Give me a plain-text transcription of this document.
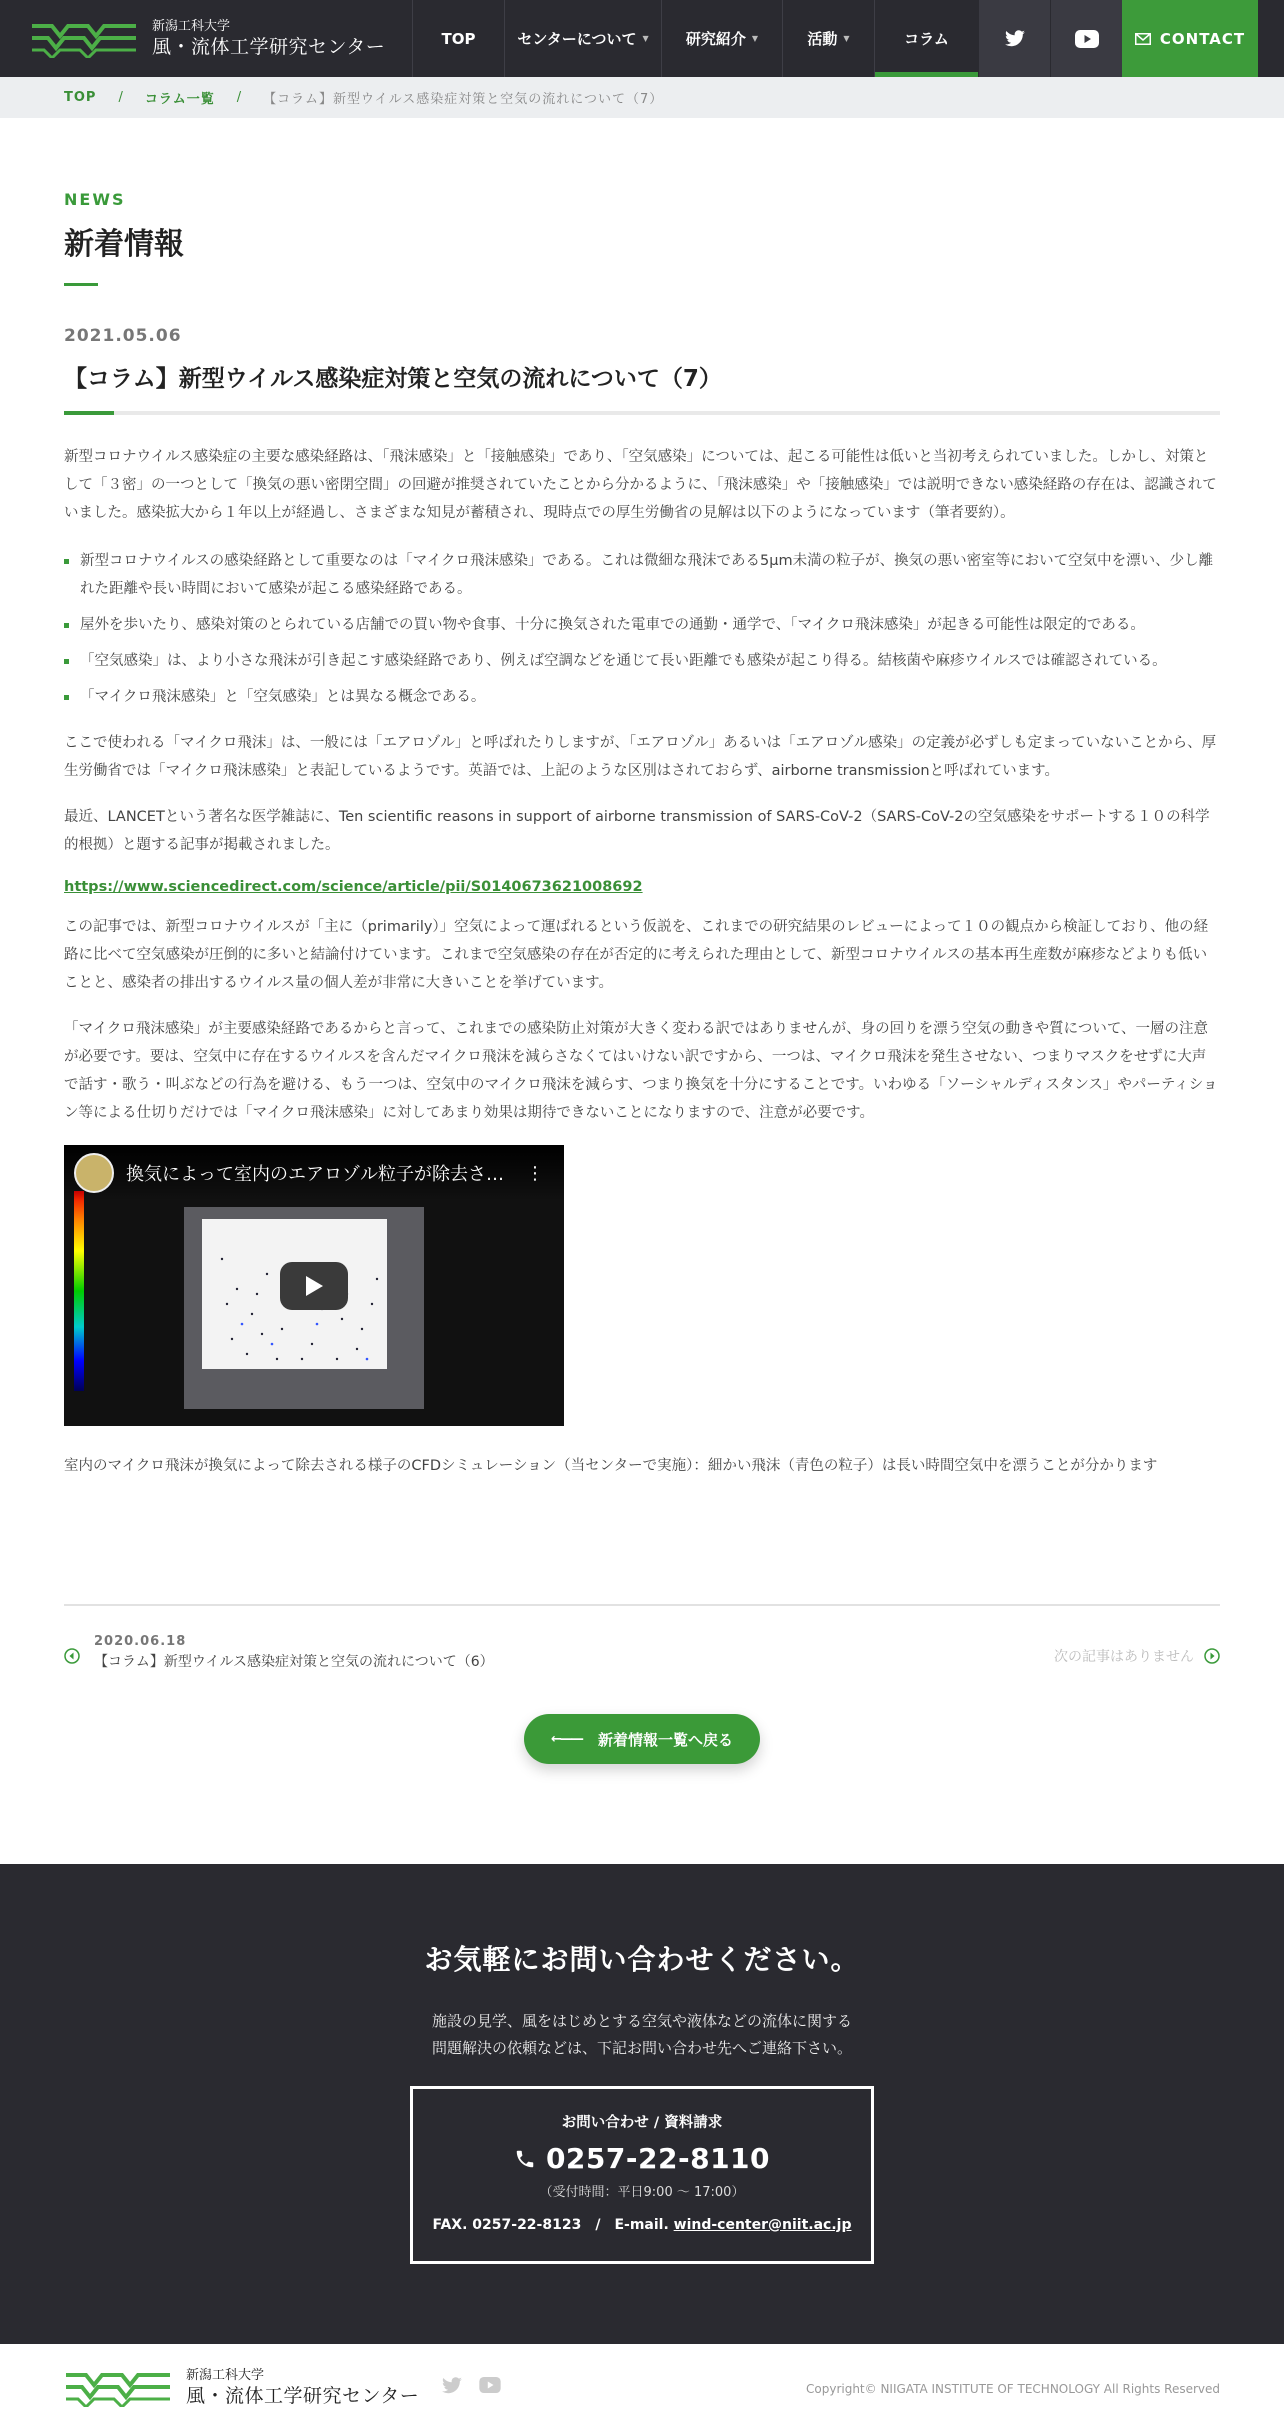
新潟工科大学
風・流体工学研究センター	TOP	センターについて ▼ 研究紹介 ▼	活動 ▼	コラム	CONTACT
TOP / コラム一覧 / 【コラム】新型ウイルス感染症対策と空気の流れについて（7）
NEWS
新着情報
2021.05.06
【コラム】新型ウイルス感染症対策と空気の流れについて（7）

新型コロナウイルス感染症の主要な感染経路は、「飛沫感染」と「接触感染」であり、「空気感染」については、起こる可能性は低いと当初考えられていました。しかし、対策として「３密」の一つとして「換気の悪い密閉空間」の回避が推奨されていたことから分かるように、「飛沫感染」や「接触感染」では説明できない感染経路の存在は、認識されていました。感染拡大から１年以上が経過し、さまざまな知見が蓄積され、現時点での厚生労働省の見解は以下のようになっています（筆者要約）。

新型コロナウイルスの感染経路として重要なのは「マイクロ飛沫感染」である。これは微細な飛沫である5μm未満の粒子が、換気の悪い密室等において空気中を漂い、少し離れた距離や長い時間において感染が起こる感染経路である。
屋外を歩いたり、感染対策のとられている店舗での買い物や食事、十分に換気された電車での通勤・通学で、「マイクロ飛沫感染」が起きる可能性は限定的である。
「空気感染」は、より小さな飛沫が引き起こす感染経路であり、例えば空調などを通じて長い距離でも感染が起こり得る。結核菌や麻疹ウイルスでは確認されている。
「マイクロ飛沫感染」と「空気感染」とは異なる概念である。

ここで使われる「マイクロ飛沫」は、一般には「エアロゾル」と呼ばれたりしますが、「エアロゾル」あるいは「エアロゾル感染」の定義が必ずしも定まっていないことから、厚生労働省では「マイクロ飛沫感染」と表記しているようです。英語では、上記のような区別はされておらず、airborne transmissionと呼ばれています。

最近、LANCETという著名な医学雑誌に、Ten scientific reasons in support of airborne transmission of SARS-CoV-2（SARS-CoV-2の空気感染をサポートする１０の科学的根拠）と題する記事が掲載されました。

https://www.sciencedirect.com/science/article/pii/S0140673621008692

この記事では、新型コロナウイルスが「主に（primarily）」空気によって運ばれるという仮説を、これまでの研究結果のレビューによって１０の観点から検証しており、他の経路に比べて空気感染が圧倒的に多いと結論付けています。これまで空気感染の存在が否定的に考えられた理由として、新型コロナウイルスの基本再生産数が麻疹などよりも低いことと、感染者の排出するウイルス量の個人差が非常に大きいことを挙げています。

「マイクロ飛沫感染」が主要感染経路であるからと言って、これまでの感染防止対策が大きく変わる訳ではありませんが、身の回りを漂う空気の動きや質について、一層の注意が必要です。要は、空気中に存在するウイルスを含んだマイクロ飛沫を減らさなくてはいけない訳ですから、一つは、マイクロ飛沫を発生させない、つまりマスクをせずに大声で話す・歌う・叫ぶなどの行為を避ける、もう一つは、空気中のマイクロ飛沫を減らす、つまり換気を十分にすることです。いわゆる「ソーシャルディスタンス」やパーティション等による仕切りだけでは「マイクロ飛沫感染」に対してあまり効果は期待できないことになりますので、注意が必要です。

換気によって室内のエアロゾル粒子が除去さ…	⋮

室内のマイクロ飛沫が換気によって除去される様子のCFDシミュレーション（当センターで実施）：細かい飛沫（青色の粒子）は長い時間空気中を漂うことが分かります

2020.06.18
【コラム】新型ウイルス感染症対策と空気の流れについて（6）	次の記事はありません
←—— 新着情報一覧へ戻る
お気軽にお問い合わせください。

施設の見学、風をはじめとする空気や液体などの流体に関する
問題解決の依頼などは、下記お問い合わせ先へご連絡下さい。

お問い合わせ / 資料請求
0257-22-8110
（受付時間：平日9:00 〜 17:00）
FAX. 0257-22-8123　/　E-mail. wind-center@niit.ac.jp
新潟工科大学
風・流体工学研究センター	Copyright© NIIGATA INSTITUTE OF TECHNOLOGY All Rights Reserved
